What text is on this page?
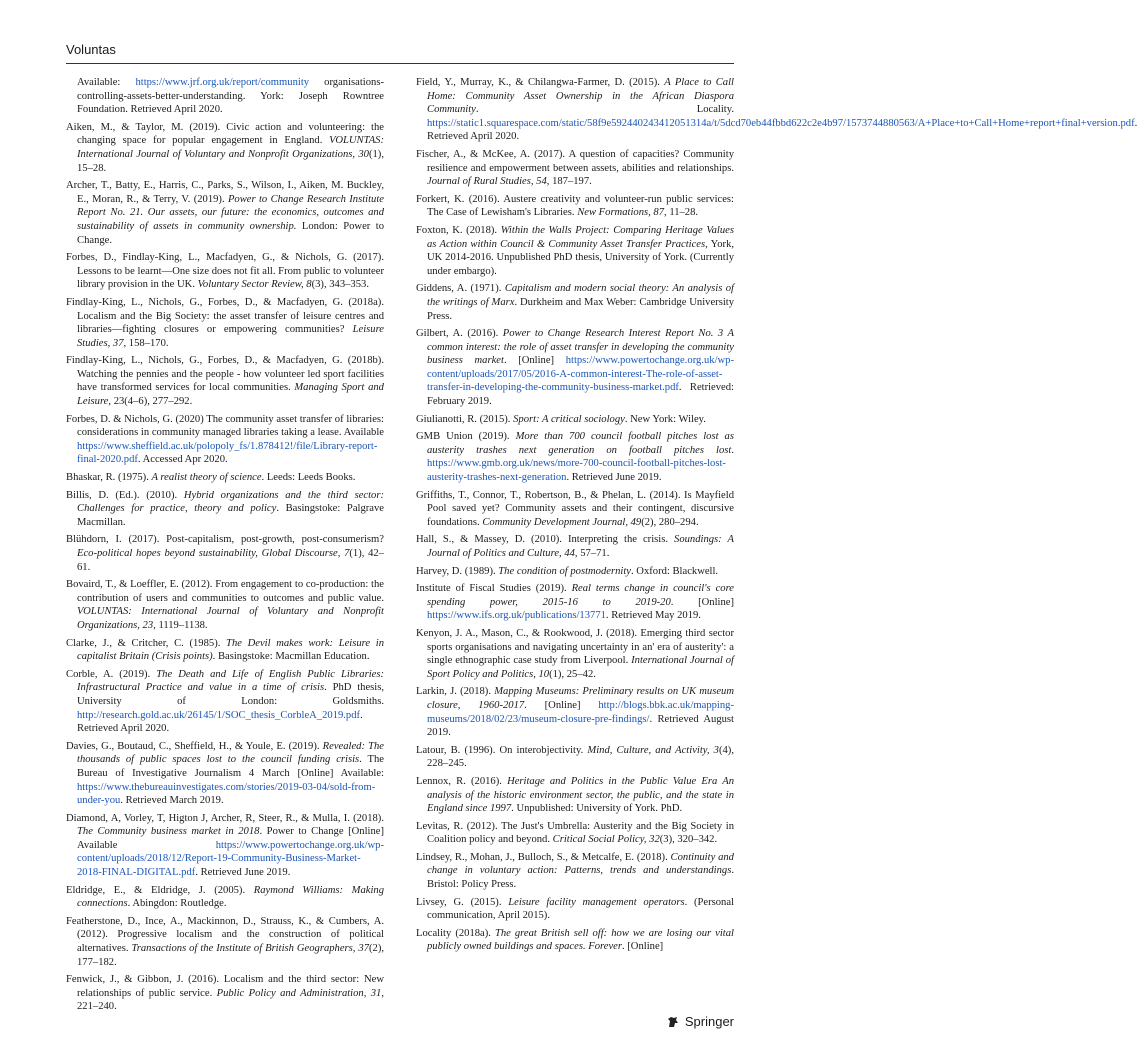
Voluntas
Available: https://www.jrf.org.uk/report/community organisations-controlling-assets-better-understanding. York: Joseph Rowntree Foundation. Retrieved April 2020.
Aiken, M., & Taylor, M. (2019). Civic action and volunteering: the changing space for popular engagement in England. VOLUNTAS: International Journal of Voluntary and Nonprofit Organizations, 30(1), 15–28.
Archer, T., Batty, E., Harris, C., Parks, S., Wilson, I., Aiken, M. Buckley, E., Moran, R., & Terry, V. (2019). Power to Change Research Institute Report No. 21. Our assets, our future: the economics, outcomes and sustainability of assets in community ownership. London: Power to Change.
Forbes, D., Findlay-King, L., Macfadyen, G., & Nichols, G. (2017). Lessons to be learnt—One size does not fit all. From public to volunteer library provision in the UK. Voluntary Sector Review, 8(3), 343–353.
Findlay-King, L., Nichols, G., Forbes, D., & Macfadyen, G. (2018a). Localism and the Big Society: the asset transfer of leisure centres and libraries—fighting closures or empowering communities? Leisure Studies, 37, 158–170.
Findlay-King, L., Nichols, G., Forbes, D., & Macfadyen, G. (2018b). Watching the pennies and the people - how volunteer led sport facilities have transformed services for local communities. Managing Sport and Leisure, 23(4–6), 277–292.
Forbes, D. & Nichols, G. (2020) The community asset transfer of libraries: considerations in community managed libraries taking a lease. Available https://www.sheffield.ac.uk/polopoly_fs/1.878412!/file/Library-report-final-2020.pdf. Accessed Apr 2020.
Bhaskar, R. (1975). A realist theory of science. Leeds: Leeds Books.
Billis, D. (Ed.). (2010). Hybrid organizations and the third sector: Challenges for practice, theory and policy. Basingstoke: Palgrave Macmillan.
Blühdorn, I. (2017). Post-capitalism, post-growth, post-consumerism? Eco-political hopes beyond sustainability, Global Discourse, 7(1), 42–61.
Bovaird, T., & Loeffler, E. (2012). From engagement to co-production: the contribution of users and communities to outcomes and public value. VOLUNTAS: International Journal of Voluntary and Nonprofit Organizations, 23, 1119–1138.
Clarke, J., & Critcher, C. (1985). The Devil makes work: Leisure in capitalist Britain (Crisis points). Basingstoke: Macmillan Education.
Corble, A. (2019). The Death and Life of English Public Libraries: Infrastructural Practice and value in a time of crisis. PhD thesis, University of London: Goldsmiths. http://research.gold.ac.uk/26145/1/SOC_thesis_CorbleA_2019.pdf. Retrieved April 2020.
Davies, G., Boutaud, C., Sheffield, H., & Youle, E. (2019). Revealed: The thousands of public spaces lost to the council funding crisis. The Bureau of Investigative Journalism 4 March [Online] Available: https://www.thebureauinvestigates.com/stories/2019-03-04/sold-from-under-you. Retrieved March 2019.
Diamond, A, Vorley, T, Higton J, Archer, R, Steer, R., & Mulla, I. (2018). The Community business market in 2018. Power to Change [Online] Available https://www.powertochange.org.uk/wp-content/uploads/2018/12/Report-19-Community-Business-Market-2018-FINAL-DIGITAL.pdf. Retrieved June 2019.
Eldridge, E., & Eldridge, J. (2005). Raymond Williams: Making connections. Abingdon: Routledge.
Featherstone, D., Ince, A., Mackinnon, D., Strauss, K., & Cumbers, A. (2012). Progressive localism and the construction of political alternatives. Transactions of the Institute of British Geographers, 37(2), 177–182.
Fenwick, J., & Gibbon, J. (2016). Localism and the third sector: New relationships of public service. Public Policy and Administration, 31, 221–240.
Field, Y., Murray, K., & Chilangwa-Farmer, D. (2015). A Place to Call Home: Community Asset Ownership in the African Diaspora Community. Locality. https://static1.squarespace.com/static/58f9e592440243412051314a/t/5dcd70eb44fbbd622c2e4b97/1573744880563/A+Place+to+Call+Home+report+final+version.pdf Retrieved April 2020.
Fischer, A., & McKee, A. (2017). A question of capacities? Community resilience and empowerment between assets, abilities and relationships. Journal of Rural Studies, 54, 187–197.
Forkert, K. (2016). Austere creativity and volunteer-run public services: The Case of Lewisham's Libraries. New Formations, 87, 11–28.
Foxton, K. (2018). Within the Walls Project: Comparing Heritage Values as Action within Council & Community Asset Transfer Practices, York, UK 2014-2016. Unpublished PhD thesis, University of York. (Currently under embargo).
Giddens, A. (1971). Capitalism and modern social theory: An analysis of the writings of Marx. Durkheim and Max Weber: Cambridge University Press.
Gilbert, A. (2016). Power to Change Research Interest Report No. 3 A common interest: the role of asset transfer in developing the community business market. [Online] https://www.powertochange.org.uk/wp-content/uploads/2017/05/2016-A-common-interest-The-role-of-asset-transfer-in-developing-the-community-business-market.pdf. Retrieved: February 2019.
Giulianotti, R. (2015). Sport: A critical sociology. New York: Wiley.
GMB Union (2019). More than 700 council football pitches lost as austerity trashes next generation on football pitches lost. https://www.gmb.org.uk/news/more-700-council-football-pitches-lost-austerity-trashes-next-generation. Retrieved June 2019.
Griffiths, T., Connor, T., Robertson, B., & Phelan, L. (2014). Is Mayfield Pool saved yet? Community assets and their contingent, discursive foundations. Community Development Journal, 49(2), 280–294.
Hall, S., & Massey, D. (2010). Interpreting the crisis. Soundings: A Journal of Politics and Culture, 44, 57–71.
Harvey, D. (1989). The condition of postmodernity. Oxford: Blackwell.
Institute of Fiscal Studies (2019). Real terms change in council's core spending power, 2015-16 to 2019-20. [Online] https://www.ifs.org.uk/publications/13771. Retrieved May 2019.
Kenyon, J. A., Mason, C., & Rookwood, J. (2018). Emerging third sector sports organisations and navigating uncertainty in an' era of austerity': a single ethnographic case study from Liverpool. International Journal of Sport Policy and Politics, 10(1), 25–42.
Larkin, J. (2018). Mapping Museums: Preliminary results on UK museum closure, 1960-2017. [Online] http://blogs.bbk.ac.uk/mapping-museums/2018/02/23/museum-closure-pre-findings/. Retrieved August 2019.
Latour, B. (1996). On interobjectivity. Mind, Culture, and Activity, 3(4), 228–245.
Lennox, R. (2016). Heritage and Politics in the Public Value Era An analysis of the historic environment sector, the public, and the state in England since 1997. Unpublished: University of York. PhD.
Levitas, R. (2012). The Just's Umbrella: Austerity and the Big Society in Coalition policy and beyond. Critical Social Policy, 32(3), 320–342.
Lindsey, R., Mohan, J., Bulloch, S., & Metcalfe, E. (2018). Continuity and change in voluntary action: Patterns, trends and understandings. Bristol: Policy Press.
Livsey, G. (2015). Leisure facility management operators. (Personal communication, April 2015).
Locality (2018a). The great British sell off: how we are losing our vital publicly owned buildings and spaces. Forever. [Online]
Springer
